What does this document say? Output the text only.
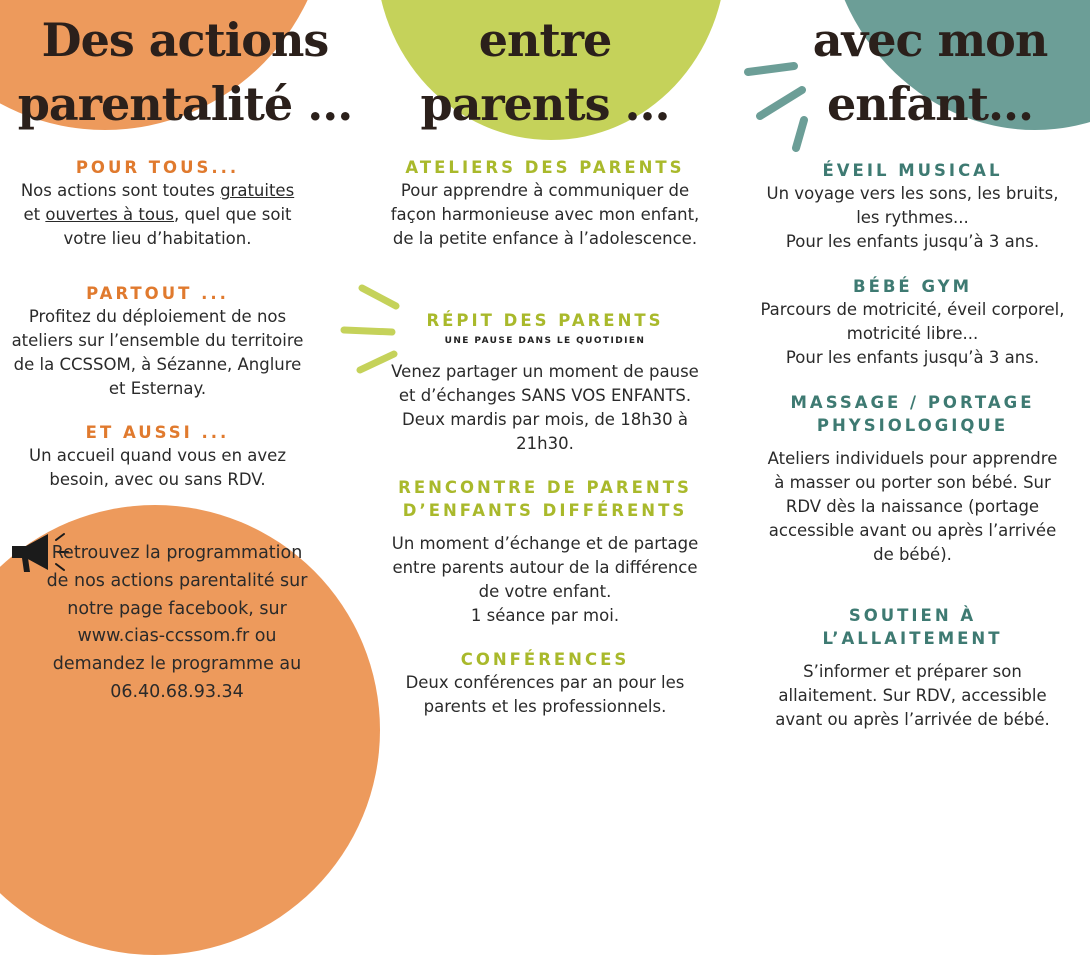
Des actions
parentalité ...
entre
parents ...
avec mon
enfant...
POUR TOUS...

Nos actions sont toutes gratuites
et ouvertes à tous, quel que soit votre lieu d’habitation.

PARTOUT ...

Profitez du déploiement de nos ateliers sur l’ensemble du territoire de la CCSSOM, à Sézanne, Anglure et Esternay.

ET AUSSI ...

Un accueil quand vous en avez besoin, avec ou sans RDV.

Retrouvez la programmation de nos actions parentalité sur notre page facebook, sur www.cias-ccssom.fr ou demandez le programme au 06.40.68.93.34
ATELIERS DES PARENTS

Pour apprendre à communiquer de façon harmonieuse avec mon enfant, de la petite enfance à l’adolescence.

RÉPIT DES PARENTS
UNE PAUSE DANS LE QUOTIDIEN

Venez partager un moment de pause et d’échanges SANS VOS ENFANTS. Deux mardis par mois, de 18h30 à 21h30.

RENCONTRE DE PARENTS D’ENFANTS DIFFÉRENTS

Un moment d’échange et de partage entre parents autour de la différence de votre enfant.

1 séance par moi.

CONFÉRENCES

Deux conférences par an pour les parents et les professionnels.

ÉVEIL MUSICAL

Un voyage vers les sons, les bruits, les rythmes...

Pour les enfants jusqu’à 3 ans.

BÉBÉ GYM

Parcours de motricité, éveil corporel, motricité libre...

Pour les enfants jusqu’à 3 ans.

MASSAGE / PORTAGE PHYSIOLOGIQUE

Ateliers individuels pour apprendre à masser ou porter son bébé. Sur RDV dès la naissance (portage accessible avant ou après l’arrivée de bébé).

SOUTIEN À L’ALLAITEMENT

S’informer et préparer son allaitement. Sur RDV, accessible avant ou après l’arrivée de bébé.
